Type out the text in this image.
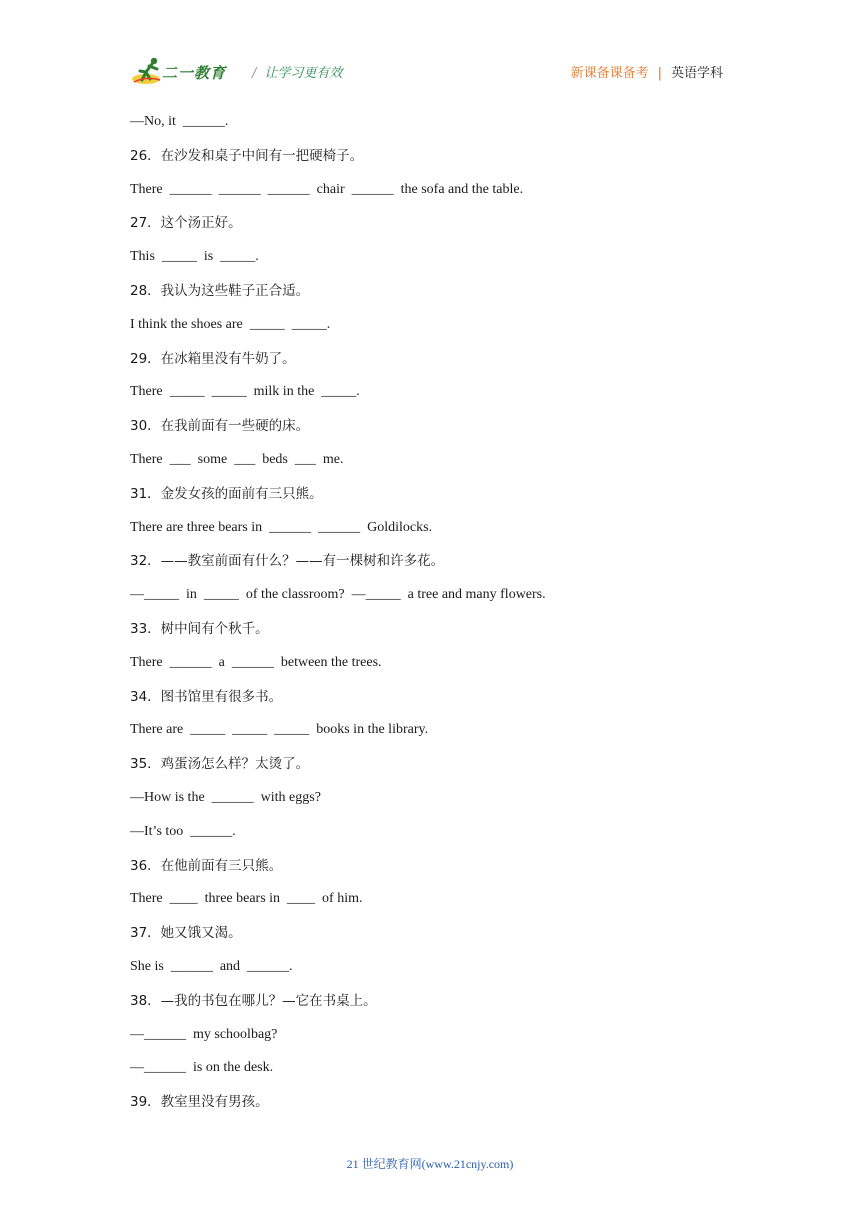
二一教育 / 让学习更有效	新课备课备考 | 英语学科
—No, it  ______.
26．在沙发和桌子中间有一把硬椅子。
There  ______  ______  ______  chair  ______  the sofa and the table.
27．这个汤正好。
This  _____  is  _____.
28．我认为这些鞋子正合适。
I think the shoes are  _____  _____.
29．在冰箱里没有牛奶了。
There  _____  _____  milk in the  _____.
30．在我前面有一些硬的床。
There  ___  some  ___  beds  ___  me.
31．金发女孩的面前有三只熊。
There are three bears in  ______  ______  Goldilocks.
32．——教室前面有什么？——有一棵树和许多花。
—_____  in  _____  of the classroom?  —_____  a tree and many flowers.
33．树中间有个秋千。
There  ______  a  ______  between the trees.
34．图书馆里有很多书。
There are  _____  _____  _____  books in the library.
35．鸡蛋汤怎么样？太烫了。
—How is the  ______  with eggs?
—It’s too  ______.
36．在他前面有三只熊。
There  ____  three bears in  ____  of him.
37．她又饿又渴。
She is  ______  and  ______.
38．—我的书包在哪儿？—它在书桌上。
—______  my schoolbag?
—______  is on the desk.
39．教室里没有男孩。
21 世纪教育网(www.21cnjy.com)
